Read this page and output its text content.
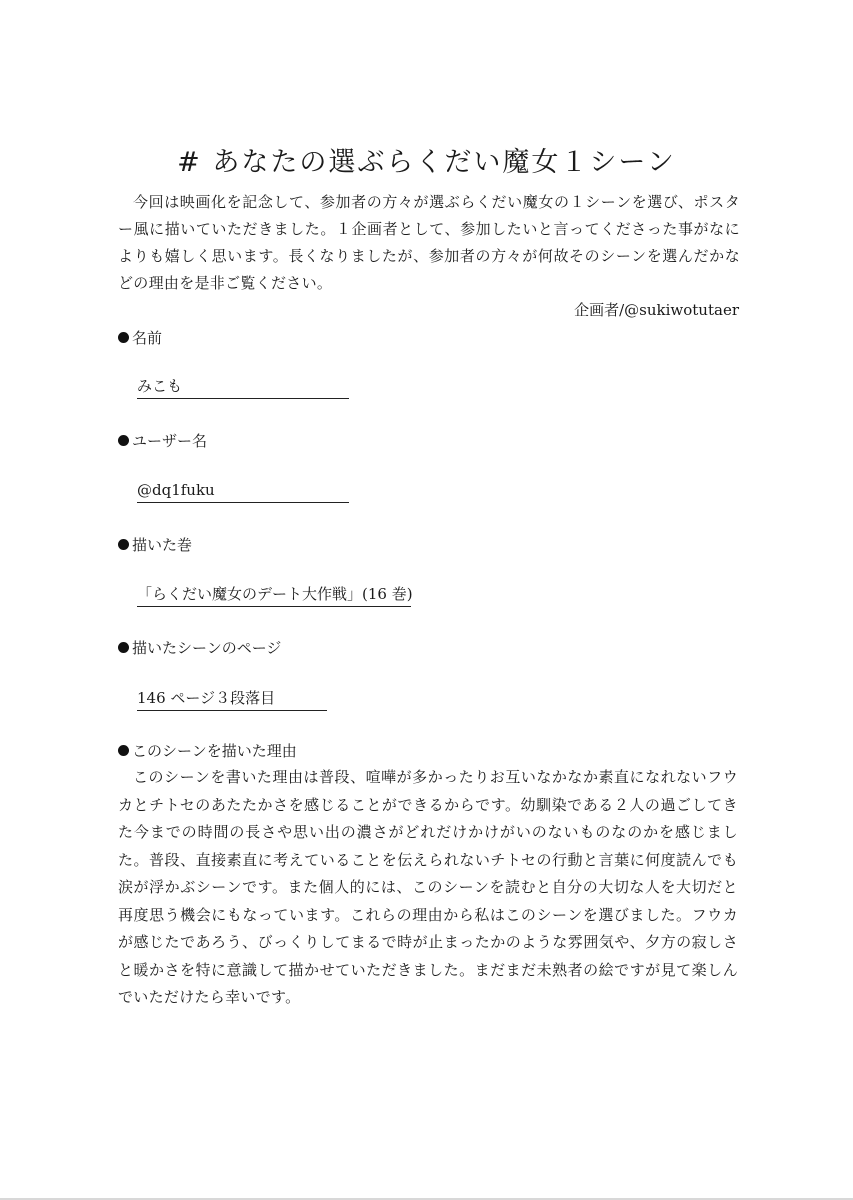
# あなたの選ぶらくだい魔女１シーン

今回は映画化を記念して、参加者の方々が選ぶらくだい魔女の１シーンを選び、ポスター風に描いていただきました。１企画者として、参加したいと言ってくださった事がなによりも嬉しく思います。長くなりましたが、参加者の方々が何故そのシーンを選んだかなどの理由を是非ご覧ください。

企画者/@sukiwotutaer
名前
みこも
ユーザー名
@dq1fuku
描いた巻
「らくだい魔女のデート大作戦」(16 巻)
描いたシーンのページ
146 ページ３段落目
このシーンを描いた理由

このシーンを書いた理由は普段、喧嘩が多かったりお互いなかなか素直になれないフウカとチトセのあたたかさを感じることができるからです。幼馴染である２人の過ごしてきた今までの時間の長さや思い出の濃さがどれだけかけがいのないものなのかを感じました。普段、直接素直に考えていることを伝えられないチトセの行動と言葉に何度読んでも涙が浮かぶシーンです。また個人的には、このシーンを読むと自分の大切な人を大切だと再度思う機会にもなっています。これらの理由から私はこのシーンを選びました。フウカが感じたであろう、びっくりしてまるで時が止まったかのような雰囲気や、夕方の寂しさと暖かさを特に意識して描かせていただきました。まだまだ未熟者の絵ですが見て楽しんでいただけたら幸いです。
